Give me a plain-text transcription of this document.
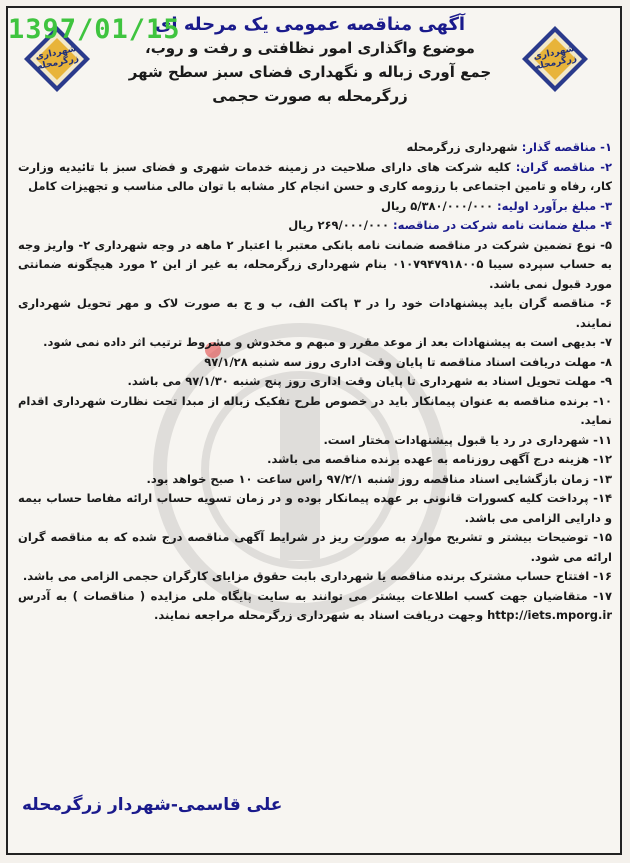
1397/01/15
شهرداری زرگرمحله
شهرداری زرگرمحله
آگهی مناقصه عمومی یک مرحله ای
موضوع واگذاری امور نظافتی و رفت و روب،
جمع آوری زباله و نگهداری فضای سبز سطح شهر
زرگرمحله به صورت حجمی

۱- مناقصه گذار: شهرداری زرگرمحله

۲- مناقصه گران: کلیه شرکت های دارای صلاحیت در زمینه خدمات شهری و فضای سبز با تائیدیه وزارت کار، رفاه و تامین اجتماعی با رزومه کاری و حسن انجام کار مشابه با توان مالی مناسب و تجهیزات کامل

۳- مبلغ برآورد اولیه: ۵/۳۸۰/۰۰۰/۰۰۰ ریال

۴- مبلغ ضمانت نامه شرکت در مناقصه: ۲۶۹/۰۰۰/۰۰۰ ریال

۵- نوع تضمین شرکت در مناقصه ضمانت نامه بانکی معتبر با اعتبار ۲ ماهه در وجه شهرداری ۲- واریز وجه به حساب سپرده سیبا ۰۱۰۷۹۴۷۹۱۸۰۰۵ بنام شهرداری زرگرمحله، به غیر از این ۲ مورد هیچگونه ضمانتی مورد قبول نمی باشد.

۶- مناقصه گران باید پیشنهادات خود را در ۳ پاکت الف، ب و ج به صورت لاک و مهر تحویل شهرداری نمایند.

۷- بدیهی است به پیشنهادات بعد از موعد مقرر و مبهم و مخدوش و مشروط ترتیب اثر داده نمی شود.

۸- مهلت دریافت اسناد مناقصه تا پایان وقت اداری روز سه شنبه ۹۷/۱/۲۸

۹- مهلت تحویل اسناد به شهرداری تا پایان وقت اداری روز پنج شنبه ۹۷/۱/۳۰ می باشد.

۱۰- برنده مناقصه به عنوان پیمانکار باید در خصوص طرح تفکیک زباله از مبدا تحت نظارت شهرداری اقدام نماید.

۱۱- شهرداری در رد یا قبول پیشنهادات مختار است.

۱۲- هزینه درج آگهی روزنامه به عهده برنده مناقصه می باشد.

۱۳- زمان بازگشایی اسناد مناقصه روز شنبه ۹۷/۲/۱ راس ساعت ۱۰ صبح خواهد بود.

۱۴- پرداخت کلیه کسورات قانونی بر عهده پیمانکار بوده و در زمان تسویه حساب ارائه مفاصا حساب بیمه و دارایی الزامی می باشد.

۱۵- توضیحات بیشتر و تشریح موارد به صورت ریز در شرایط آگهی مناقصه درج شده که به مناقصه گران ارائه می شود.

۱۶- افتتاح حساب مشترک برنده مناقصه یا شهرداری بابت حقوق مزایای کارگران حجمی الزامی می باشد.

۱۷- متقاضیان جهت کسب اطلاعات بیشتر می توانند به سایت پایگاه ملی مزایده ( مناقصات ) به آدرس http://iets.mporg.ir وجهت دریافت اسناد به شهرداری زرگرمحله مراجعه نمایند.

علی قاسمی-شهردار زرگرمحله
